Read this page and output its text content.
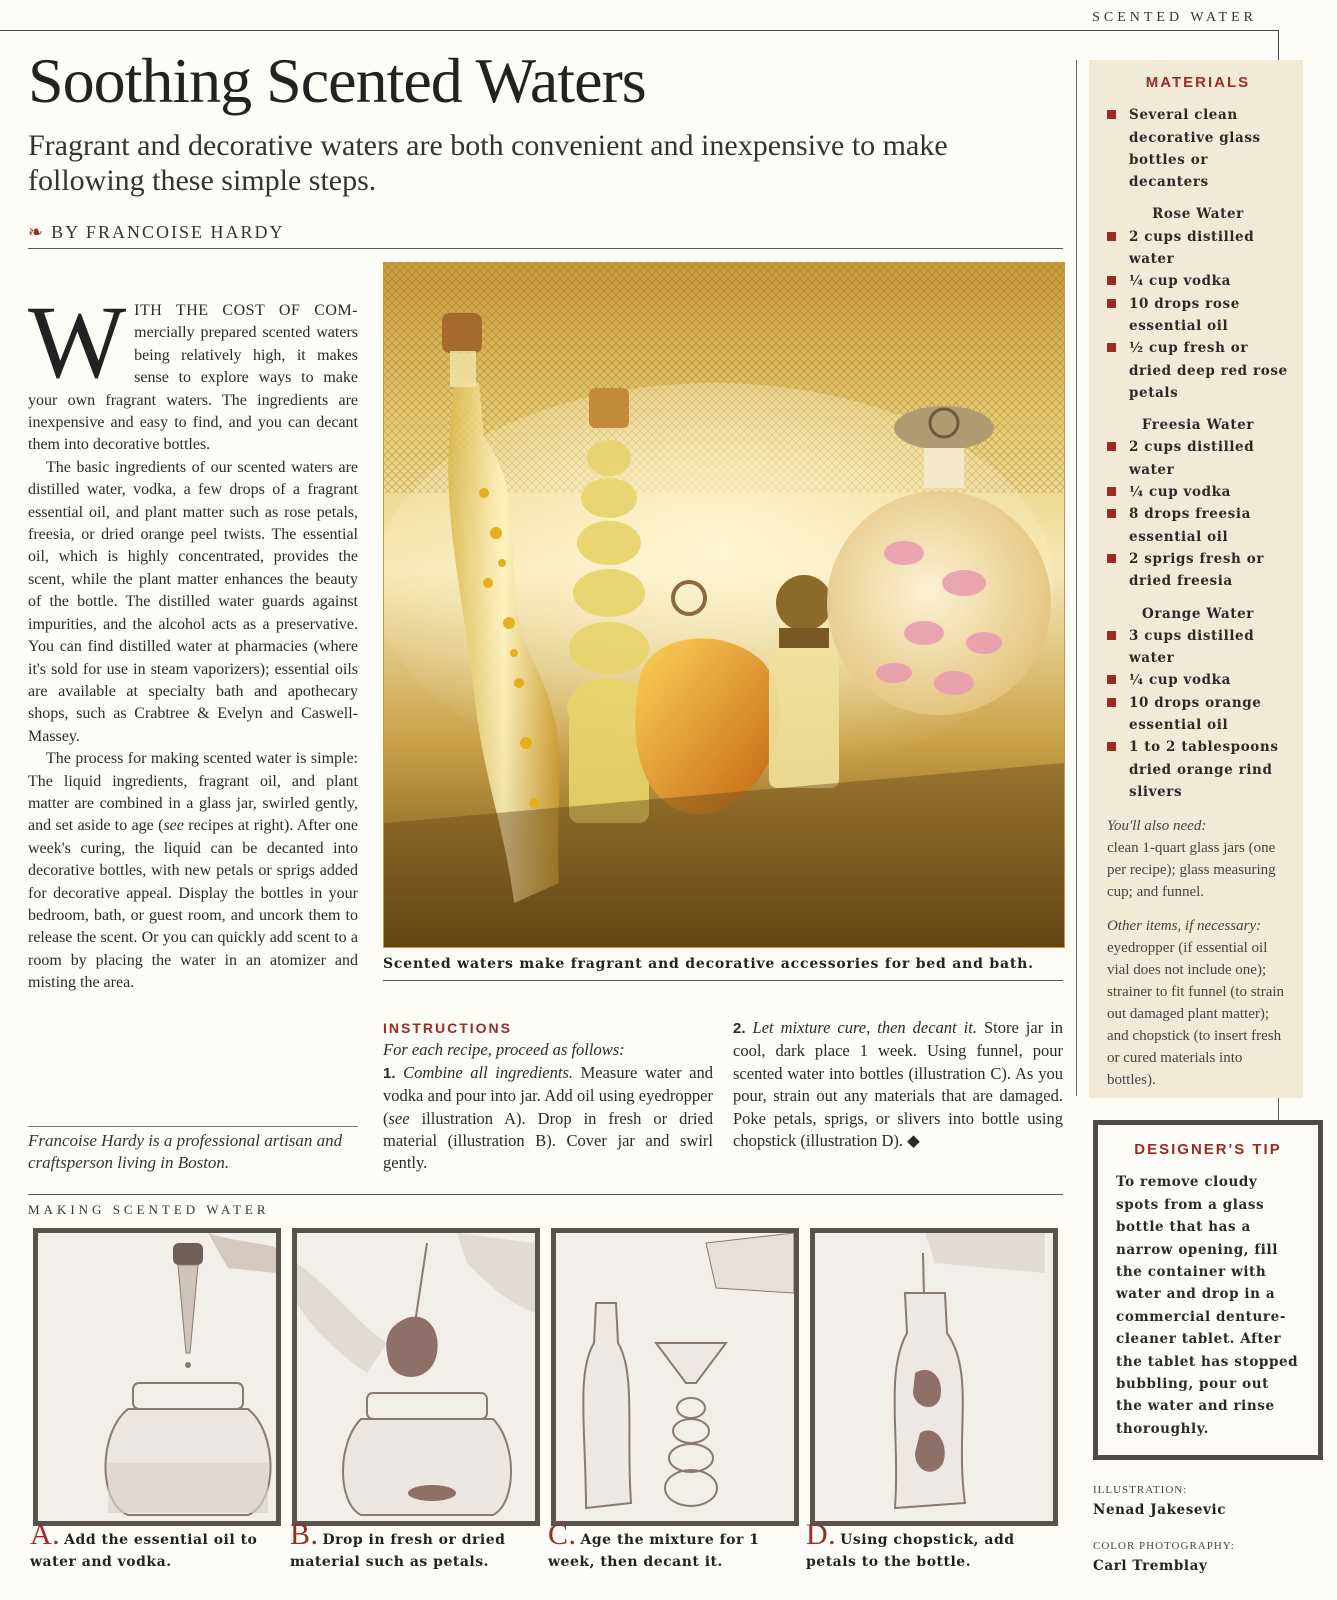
SCENTED WATER
Soothing Scented Waters
Fragrant and decorative waters are both convenient and inexpensive to make following these simple steps.
❧ BY FRANCOISE HARDY

WITH THE COST OF COM-mercially prepared scented waters being relatively high, it makes sense to explore ways to make your own fragrant waters. The ingredients are inexpensive and easy to find, and you can decant them into decorative bottles.

The basic ingredients of our scented waters are distilled water, vodka, a few drops of a fragrant essential oil, and plant matter such as rose petals, freesia, or dried orange peel twists. The essential oil, which is highly concentrated, provides the scent, while the plant matter enhances the beauty of the bottle. The distilled water guards against impurities, and the alcohol acts as a preservative. You can find distilled water at pharmacies (where it's sold for use in steam vaporizers); essential oils are available at specialty bath and apothecary shops, such as Crabtree & Evelyn and Caswell-Massey.

The process for making scented water is simple: The liquid ingredients, fragrant oil, and plant matter are combined in a glass jar, swirled gently, and set aside to age (see recipes at right). After one week's curing, the liquid can be decanted into decorative bottles, with new petals or sprigs added for decorative appeal. Display the bottles in your bedroom, bath, or guest room, and uncork them to release the scent. Or you can quickly add scent to a room by placing the water in an atomizer and misting the area.

Francoise Hardy is a professional artisan and craftsperson living in Boston.
Scented waters make fragrant and decorative accessories for bed and bath.
INSTRUCTIONS

For each recipe, proceed as follows:

1. Combine all ingredients. Measure water and vodka and pour into jar. Add oil using eyedropper (see illustration A). Drop in fresh or dried material (illustration B). Cover jar and swirl gently.

2. Let mixture cure, then decant it. Store jar in cool, dark place 1 week. Using funnel, pour scented water into bottles (illustration C). As you pour, strain out any materials that are damaged. Poke petals, sprigs, or slivers into bottle using chopstick (illustration D). ◆

MAKING SCENTED WATER
A. Add the essential oil to water and vodka.
B. Drop in fresh or dried material such as petals.
C. Age the mixture for 1 week, then decant it.
D. Using chopstick, add petals to the bottle.
MATERIALS
Several clean decorative glass bottles or decanters
Rose Water
2 cups distilled water
¼ cup vodka
10 drops rose essential oil
½ cup fresh or dried deep red rose petals
Freesia Water
2 cups distilled water
¼ cup vodka
8 drops freesia essential oil
2 sprigs fresh or dried freesia
Orange Water
3 cups distilled water
¼ cup vodka
10 drops orange essential oil
1 to 2 tablespoons dried orange rind slivers
You'll also need:
clean 1-quart glass jars (one per recipe); glass measuring cup; and funnel.
Other items, if necessary:
eyedropper (if essential oil vial does not include one); strainer to fit funnel (to strain out damaged plant matter); and chopstick (to insert fresh or cured materials into bottles).
DESIGNER'S TIP
To remove cloudy spots from a glass bottle that has a narrow opening, fill the container with water and drop in a commercial denture-cleaner tablet. After the tablet has stopped bubbling, pour out the water and rinse thoroughly.
ILLUSTRATION:
Nenad Jakesevic
COLOR PHOTOGRAPHY:
Carl Tremblay
